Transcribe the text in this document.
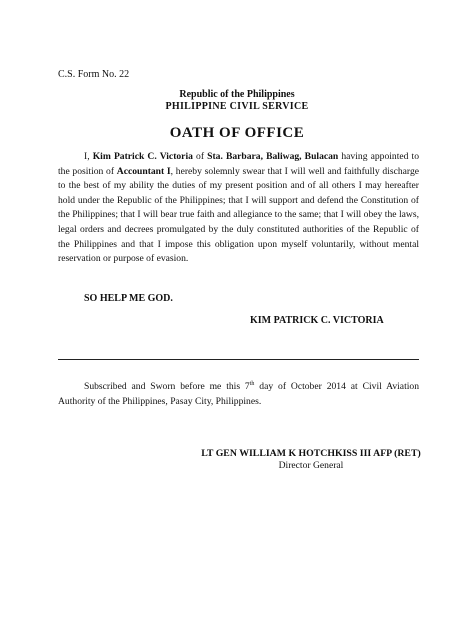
C.S. Form No. 22
Republic of the Philippines
PHILIPPINE CIVIL SERVICE
OATH OF OFFICE
I, Kim Patrick C. Victoria of Sta. Barbara, Baliwag, Bulacan having appointed to the position of Accountant I, hereby solemnly swear that I will well and faithfully discharge to the best of my ability the duties of my present position and of all others I may hereafter hold under the Republic of the Philippines; that I will support and defend the Constitution of the Philippines; that I will bear true faith and allegiance to the same; that I will obey the laws, legal orders and decrees promulgated by the duly constituted authorities of the Republic of the Philippines and that I impose this obligation upon myself voluntarily, without mental reservation or purpose of evasion.
SO HELP ME GOD.
KIM PATRICK C. VICTORIA
Subscribed and Sworn before me this 7th day of October 2014 at Civil Aviation Authority of the Philippines, Pasay City, Philippines.
LT GEN WILLIAM K HOTCHKISS III AFP (RET)
Director General
